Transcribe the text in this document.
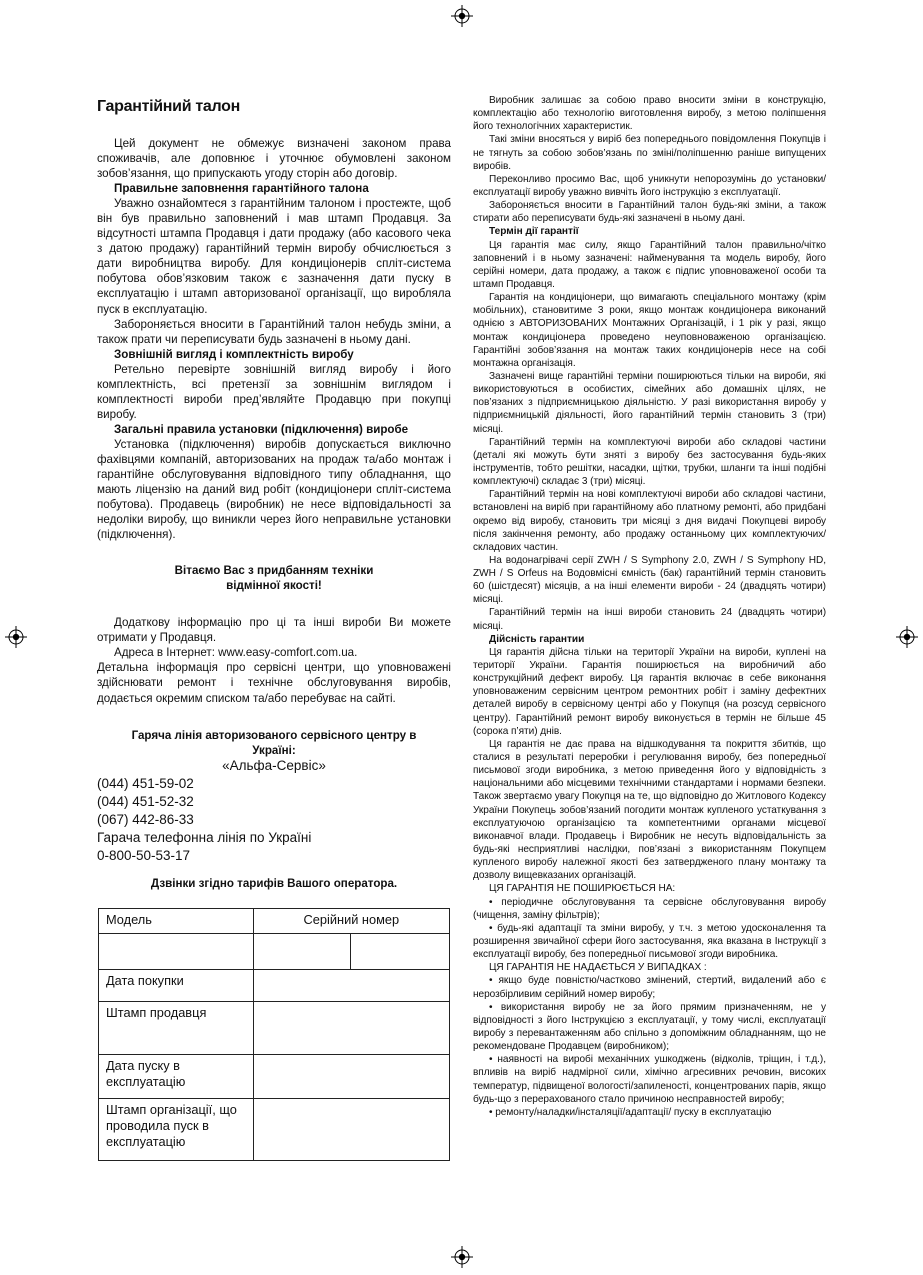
Гарантійний талон

Цей документ не обмежує визначені законом права споживачів, але доповнює і уточнює обумовлені законом зобов’язання, що припускають угоду сторін або договір.

Правильне заповнення гарантійного талона

Уважно ознайомтеся з гарантійним талоном і простежте, щоб він був правильно заповнений і мав штамп Продавця. За відсутності штампа Продавця і дати продажу (або касового чека з датою продажу) гарантійний термін виробу обчислюється з дати виробництва виробу. Для кондиціонерів спліт-система побутова обов’язковим також є зазначення дати пуску в експлуатацію і штамп авторизованої організації, що виробляла пуск в експлуатацію.

Забороняється вносити в Гарантійний талон небудь зміни, а також прати чи переписувати будь зазначені в ньому дані.

Зовнішній вигляд і комплектність виробу

Ретельно перевірте зовнішній вигляд виробу і його комплектність, всі претензії за зовнішнім виглядом і комплектності вироби пред’являйте Продавцю при покупці виробу.

Загальні правила установки (підключення) виробе

Установка (підключення) виробів допускається виключно фахівцями компаній, авторизованих на продаж та/або монтаж і гарантійне обслуговування відповідного типу обладнання, що мають ліцензію на даний вид робіт (кондиціонери спліт-система побутова). Продавець (виробник) не несе відповідальності за недоліки виробу, що виникли через його неправильне установки (підключення).

Вітаємо Вас з придбанням техніки

відмінної якості!

Додаткову інформацію про ці та інші вироби Ви можете отримати у Продавця.

Адреса в Інтернет: www.easy-comfort.com.ua.

Детальна інформація про сервісні центри, що уповноважені здійснювати ремонт і технічне обслуговування виробів, додається окремим списком та/або перебуває на сайті.

Гаряча лінія авторизованого сервісного центру в

Україні:

«Альфа-Сервіс»

(044) 451-59-02

(044) 451-52-32

(067) 442-86-33

Гарача телефонна лінія по Україні

0-800-50-53-17

Дзвінки згідно тарифів Вашого оператора.

Модель	Серійний номер	

Дата покупки		
Штамп продавця		
Дата пуску в експлуатацію		
Штамп організації, що проводила пуск в експлуатацію		

Виробник залишає за собою право вносити зміни в конструкцію, комплектацію або технологію виготовлення виробу, з метою поліпшення його технологічних характеристик.

Такі зміни вносяться у виріб без попереднього повідомлення Покупців і не тягнуть за собою зобов’язань по зміні/поліпшенню раніше випущених виробів.

Переконливо просимо Вас, щоб уникнути непорозумінь до установки/експлуатації виробу уважно вивчіть його інструкцію з експлуатації.

Забороняється вносити в Гарантійний талон будь-які зміни, а також стирати або переписувати будь-які зазначені в ньому дані.

Термін дії гарантії

Ця гарантія має силу, якщо Гарантійний талон правильно/чітко заповнений і в ньому зазначені: найменування та модель виробу, його серійні номери, дата продажу, а також є підпис уповноваженої особи та штамп Продавця.

Гарантія на кондиціонери, що вимагають спеціального монтажу (крім мобільних), становитиме 3 роки, якщо монтаж кондиціонера виконаний однією з АВТОРИЗОВАНИХ Монтажних Організацій, і 1 рік у разі, якщо монтаж кондиціонера проведено неуповноваженою організацією. Гарантійні зобов’язання на монтаж таких кондиціонерів несе на собі монтажна організація.

Зазначені вище гарантійні терміни поширюються тільки на вироби, які використовуються в особистих, сімейних або домашніх цілях, не пов’язаних з підприємницькою діяльністю. У разі використання виробу у підприємницькій діяльності, його гарантійний термін становить 3 (три) місяці.

Гарантійний термін на комплектуючі вироби або складові частини (деталі які можуть бути зняті з виробу без застосування будь-яких інструментів, тобто решітки, насадки, щітки, трубки, шланги та інші подібні комплектуючі) складає 3 (три) місяці.

Гарантійний термін на нові комплектуючі вироби або складові частини, встановлені на виріб при гарантійному або платному ремонті, або придбані окремо від виробу, становить три місяці з дня видачі Покупцеві виробу після закінчення ремонту, або продажу останньому цих комплектуючих/складових частин.

На водонагрівачі серії ZWH / S Symphony 2.0, ZWH / S Symphony HD, ZWH / S Orfeus на Водовмісні ємність (бак) гарантійний термін становить 60 (шістдесят) місяців, а на інші елементи вироби - 24 (двадцять чотири) місяці.

Гарантійний термін на інші вироби становить 24 (двадцять чотири) місяці.

Дійсність гарантии

Ця гарантія дійсна тільки на території України на вироби, куплені на території України. Гарантія поширюється на виробничий або конструкційний дефект виробу. Ця гарантія включає в себе виконання уповноваженим сервісним центром ремонтних робіт і заміну дефектних деталей виробу в сервісному центрі або у Покупця (на розсуд сервісного центру). Гарантійний ремонт виробу виконується в термін не більше 45 (сорока п’яти) днів.

Ця гарантія не дає права на відшкодування та покриття збитків, що сталися в результаті переробки і регулювання виробу, без попередньої письмової згоди виробника, з метою приведення його у відповідність з національними або місцевими технічними стандартами і нормами безпеки. Також звертаємо увагу Покупця на те, що відповідно до Житлового Кодексу України Покупець зобов’язаний погодити монтаж купленого устаткування з експлуатуючою організацією та компетентними органами місцевої виконавчої влади. Продавець і Виробник не несуть відповідальність за будь-які несприятливі наслідки, пов’язані з використанням Покупцем купленого виробу належної якості без затвердженого плану монтажу та дозволу вищевказаних організацій.

ЦЯ ГАРАНТІЯ НЕ ПОШИРЮЄТЬСЯ НА:

• періодичне обслуговування та сервісне обслуговування виробу (чищення, заміну фільтрів);

• будь-які адаптації та зміни виробу, у т.ч. з метою удосконалення та розширення звичайної сфери його застосування, яка вказана в Інструкції з експлуатації виробу, без попередньої письмової згоди виробника.

ЦЯ ГАРАНТІЯ НЕ НАДАЄТЬСЯ У ВИПАДКАХ :

• якщо буде повністю/частково змінений, стертий, видалений або є нерозбірливим серійний номер виробу;

• використання виробу не за його прямим призначенням, не у відповідності з його Інструкцією з експлуатації, у тому числі, експлуатації виробу з перевантаженням або спільно з допоміжним обладнанням, що не рекомендоване Продавцем (виробником);

• наявності на виробі механічних ушкоджень (відколів, тріщин, і т.д.), впливів на виріб надмірної сили, хімічно агресивних речовин, високих температур, підвищеної вологості/запиленості, концентрованих парів, якщо будь-що з перерахованого стало причиною несправностей виробу;

• ремонту/наладки/інсталяції/адаптації/ пуску в експлуатацію
